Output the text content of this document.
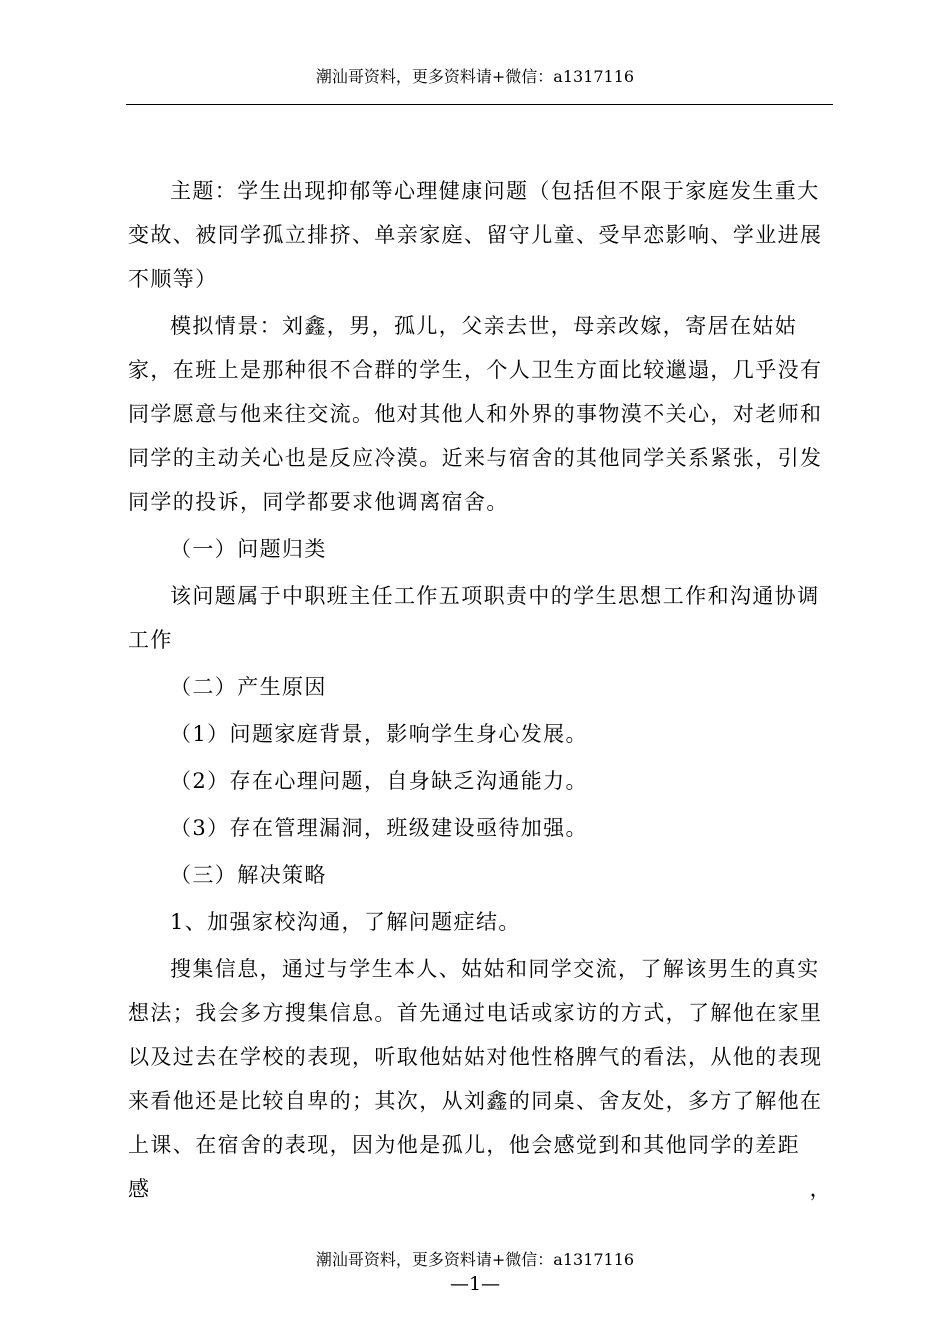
潮汕哥资料，更多资料请+微信：a1317116

主题：学生出现抑郁等心理健康问题（包括但不限于家庭发生重大变故、被同学孤立排挤、单亲家庭、留守儿童、受早恋影响、学业进展不顺等）

模拟情景：刘鑫，男，孤儿，父亲去世，母亲改嫁，寄居在姑姑家，在班上是那种很不合群的学生，个人卫生方面比较邋遢，几乎没有同学愿意与他来往交流。他对其他人和外界的事物漠不关心，对老师和同学的主动关心也是反应冷漠。近来与宿舍的其他同学关系紧张，引发同学的投诉，同学都要求他调离宿舍。

（一）问题归类

该问题属于中职班主任工作五项职责中的学生思想工作和沟通协调工作

（二）产生原因

（1）问题家庭背景，影响学生身心发展。

（2）存在心理问题，自身缺乏沟通能力。

（3）存在管理漏洞，班级建设亟待加强。

（三）解决策略

1、加强家校沟通，了解问题症结。

搜集信息，通过与学生本人、姑姑和同学交流，了解该男生的真实想法；我会多方搜集信息。首先通过电话或家访的方式，了解他在家里以及过去在学校的表现，听取他姑姑对他性格脾气的看法，从他的表现来看他还是比较自卑的；其次，从刘鑫的同桌、舍友处，多方了解他在上课、在宿舍的表现，因为他是孤儿，他会感觉到和其他同学的差距感，

潮汕哥资料，更多资料请+微信：a1317116
—1—
